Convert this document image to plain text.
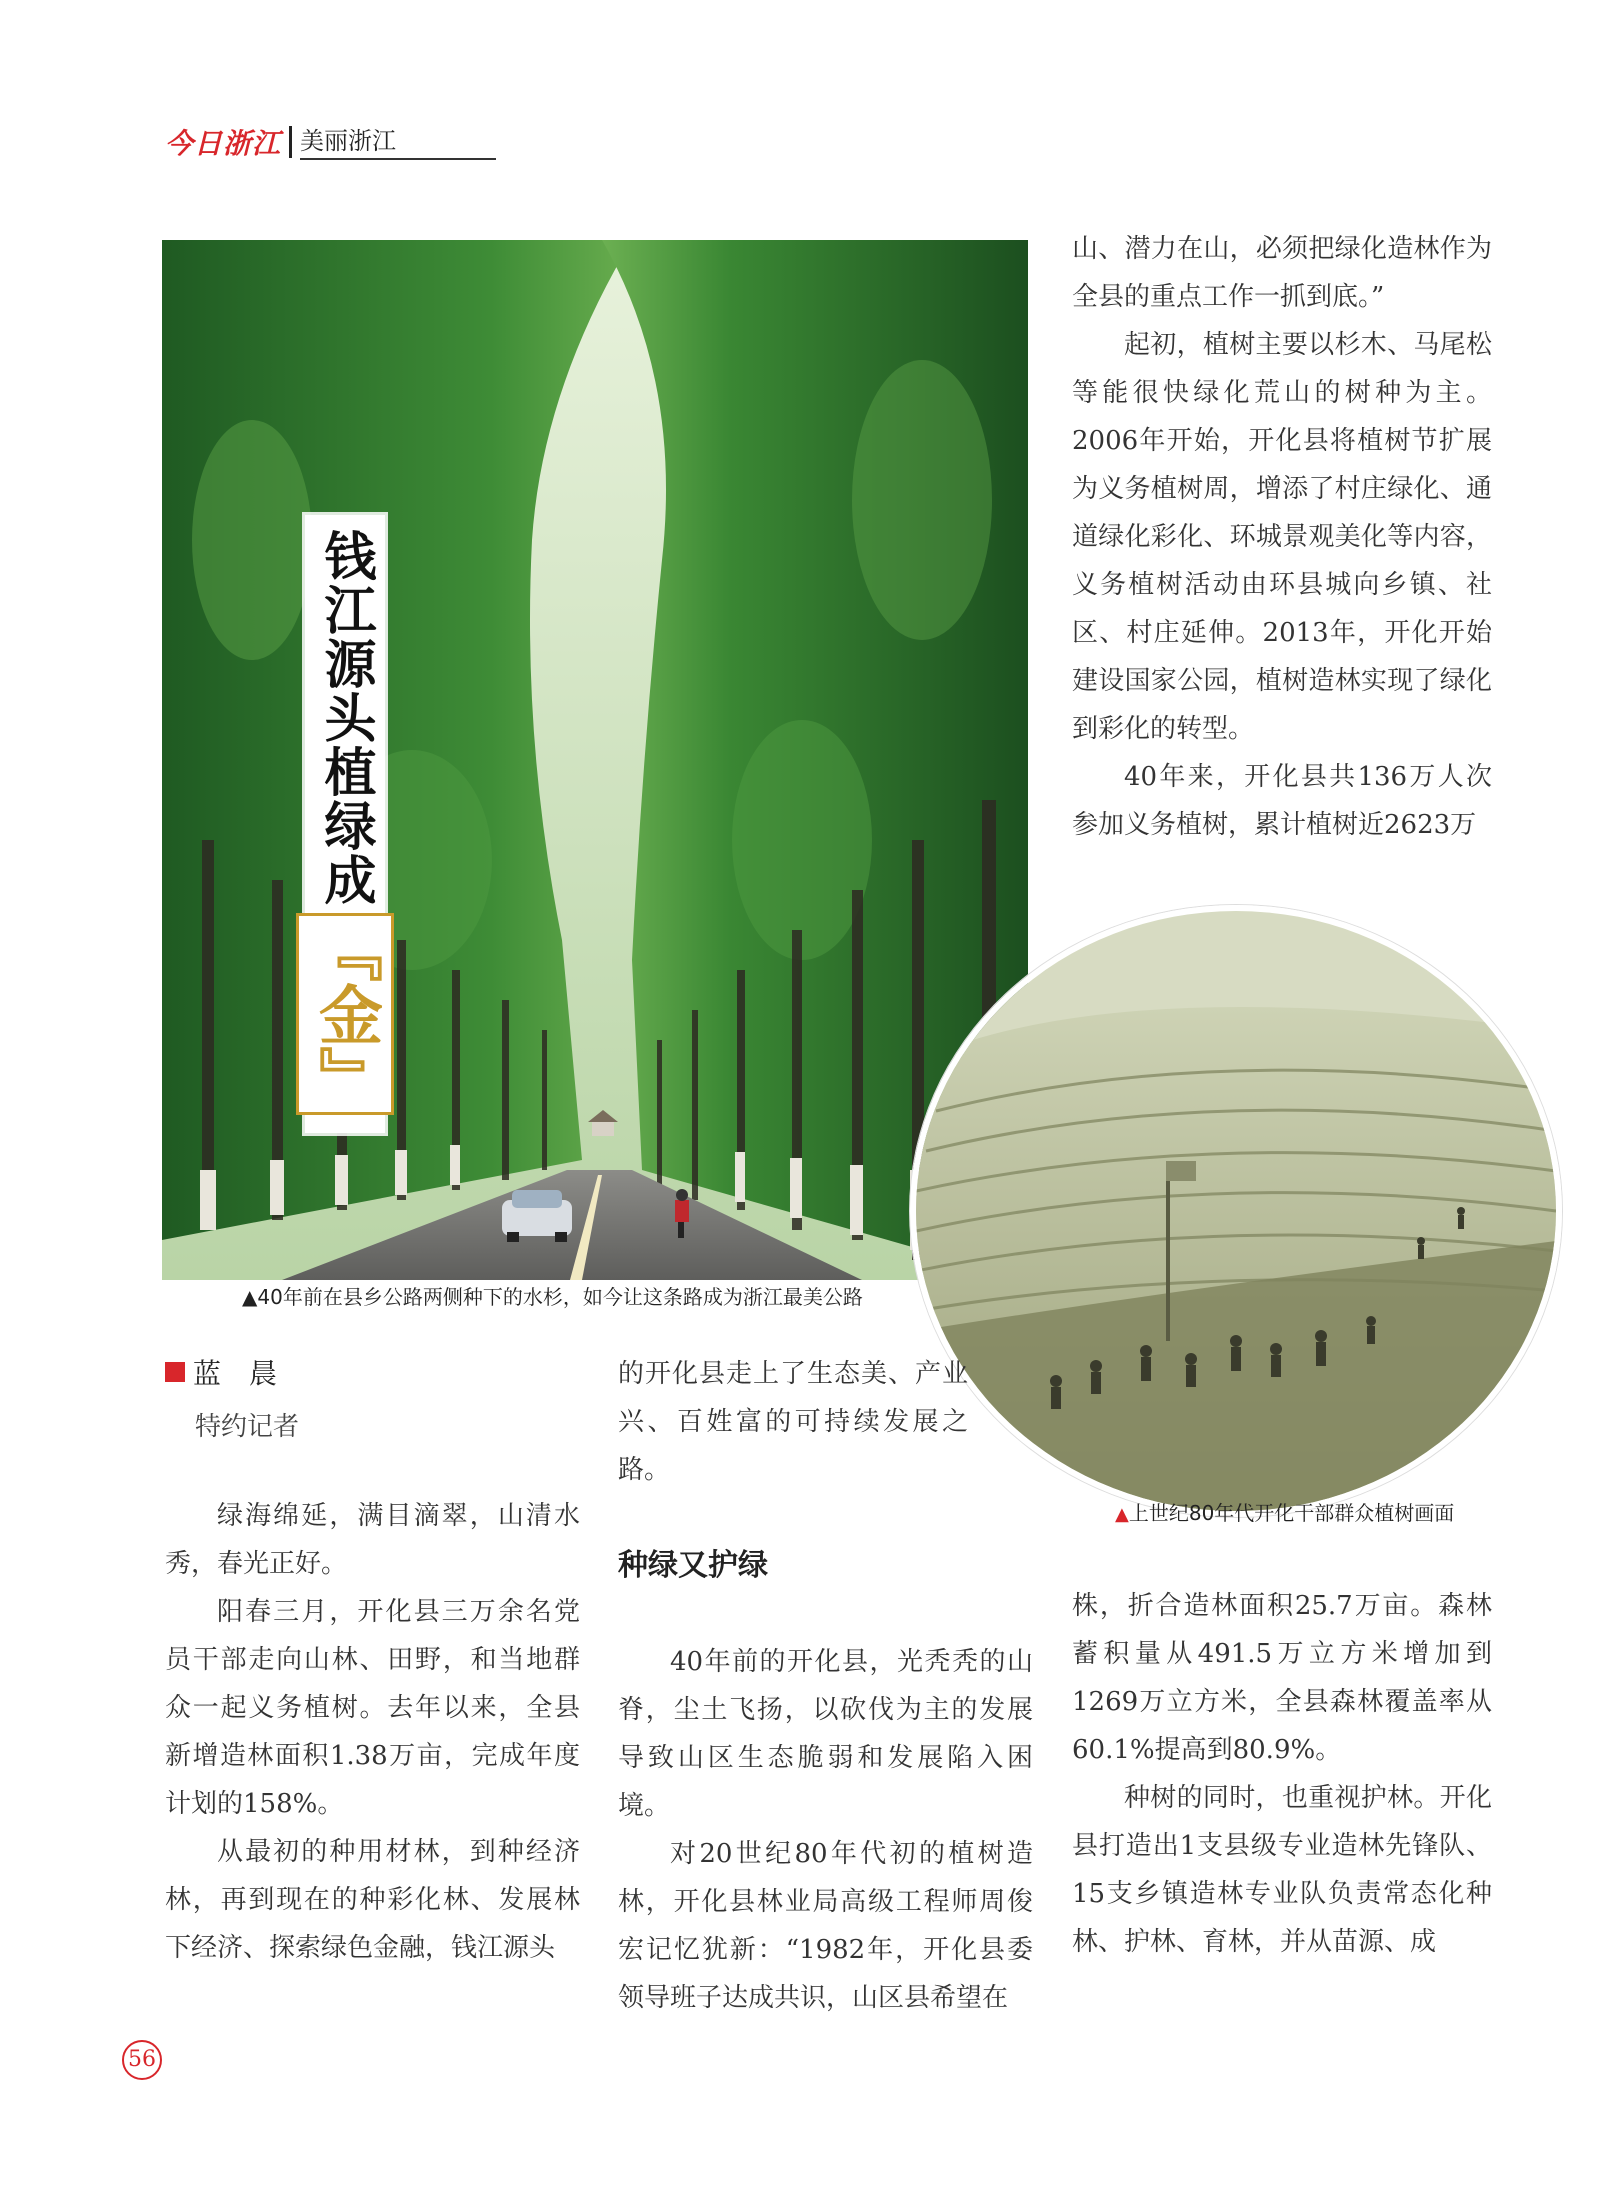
今日浙江 美丽浙江
▲40年前在县乡公路两侧种下的水杉，如今让这条路成为浙江最美公路
钱江源头植绿成
『金』
▲上世纪80年代开化干部群众植树画面
蓝　晨
特约记者

绿海绵延，满目滴翠，山清水秀，春光正好。

阳春三月，开化县三万余名党员干部走向山林、田野，和当地群众一起义务植树。去年以来，全县新增造林面积1.38万亩，完成年度计划的158%。

从最初的种用材林，到种经济林，再到现在的种彩化林、发展林下经济、探索绿色金融，钱江源头

的开化县走上了生态美、产业兴、百姓富的可持续发展之路。

种绿又护绿

40年前的开化县，光秃秃的山脊，尘土飞扬，以砍伐为主的发展导致山区生态脆弱和发展陷入困境。

对20世纪80年代初的植树造林，开化县林业局高级工程师周俊宏记忆犹新：“1982年，开化县委领导班子达成共识，山区县希望在

山、潜力在山，必须把绿化造林作为全县的重点工作一抓到底。”

起初，植树主要以杉木、马尾松等能很快绿化荒山的树种为主。2006年开始，开化县将植树节扩展为义务植树周，增添了村庄绿化、通道绿化彩化、环城景观美化等内容，义务植树活动由环县城向乡镇、社区、村庄延伸。2013年，开化开始建设国家公园，植树造林实现了绿化到彩化的转型。

40年来，开化县共136万人次参加义务植树，累计植树近2623万

株，折合造林面积25.7万亩。森林蓄积量从491.5万立方米增加到1269万立方米，全县森林覆盖率从60.1%提高到80.9%。

种树的同时，也重视护林。开化县打造出1支县级专业造林先锋队、15支乡镇造林专业队负责常态化种林、护林、育林，并从苗源、成

56
